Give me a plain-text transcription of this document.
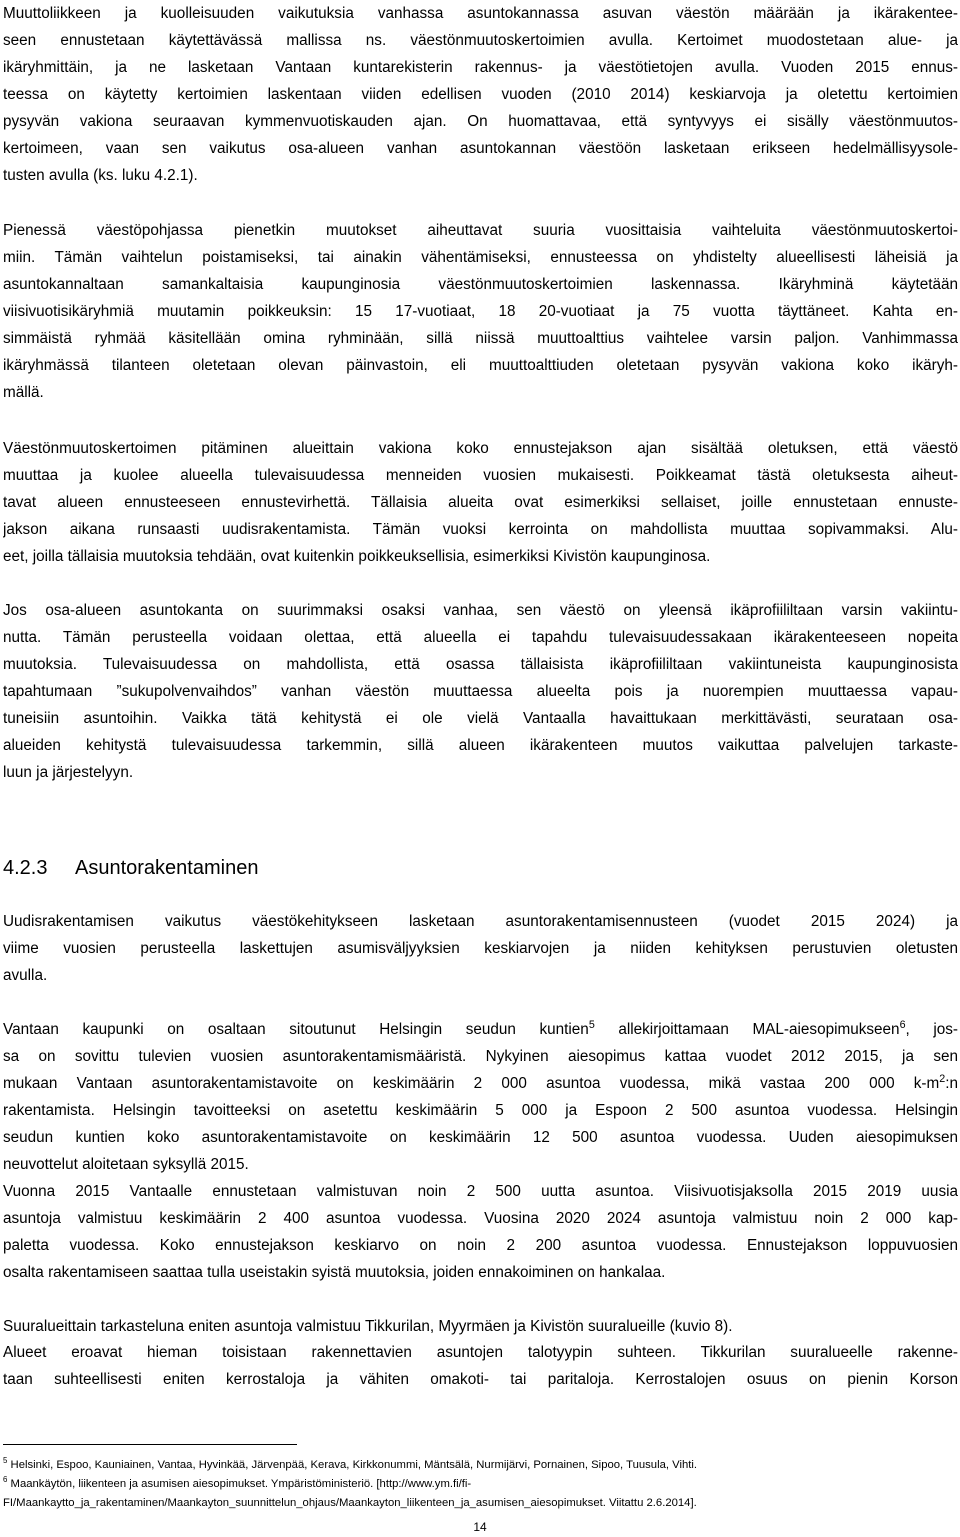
Muuttoliikkeen ja kuolleisuuden vaikutuksia vanhassa asuntokannassa asuvan väestön määrään ja ikärakentee-

seen ennustetaan käytettävässä mallissa ns. väestönmuutoskertoimien avulla. Kertoimet muodostetaan alue- ja

ikäryhmittäin, ja ne lasketaan Vantaan kuntarekisterin rakennus- ja väestötietojen avulla. Vuoden 2015 ennus-

teessa on käytetty kertoimien laskentaan viiden edellisen vuoden (2010 2014) keskiarvoja ja oletettu kertoimien

pysyvän vakiona seuraavan kymmenvuotiskauden ajan. On huomattavaa, että syntyvyys ei sisälly väestönmuutos-

kertoimeen, vaan sen vaikutus osa-alueen vanhan asuntokannan väestöön lasketaan erikseen hedelmällisyysole-

tusten avulla (ks. luku 4.2.1).

Pienessä väestöpohjassa pienetkin muutokset aiheuttavat suuria vuosittaisia vaihteluita väestönmuutoskertoi-

miin. Tämän vaihtelun poistamiseksi, tai ainakin vähentämiseksi, ennusteessa on yhdistelty alueellisesti läheisiä ja

asuntokannaltaan samankaltaisia kaupunginosia väestönmuutoskertoimien laskennassa. Ikäryhminä käytetään

viisivuotisikäryhmiä muutamin poikkeuksin: 15 17-vuotiaat, 18 20-vuotiaat ja 75 vuotta täyttäneet. Kahta en-

simmäistä ryhmää käsitellään omina ryhminään, sillä niissä muuttoalttius vaihtelee varsin paljon. Vanhimmassa

ikäryhmässä tilanteen oletetaan olevan päinvastoin, eli muuttoalttiuden oletetaan pysyvän vakiona koko ikäryh-

mällä.

Väestönmuutoskertoimen pitäminen alueittain vakiona koko ennustejakson ajan sisältää oletuksen, että väestö

muuttaa ja kuolee alueella tulevaisuudessa menneiden vuosien mukaisesti. Poikkeamat tästä oletuksesta aiheut-

tavat alueen ennusteeseen ennustevirhettä. Tällaisia alueita ovat esimerkiksi sellaiset, joille ennustetaan ennuste-

jakson aikana runsaasti uudisrakentamista. Tämän vuoksi kerrointa on mahdollista muuttaa sopivammaksi. Alu-

eet, joilla tällaisia muutoksia tehdään, ovat kuitenkin poikkeuksellisia, esimerkiksi Kivistön kaupunginosa.

Jos osa-alueen asuntokanta on suurimmaksi osaksi vanhaa, sen väestö on yleensä ikäprofiililtaan varsin vakiintu-

nutta. Tämän perusteella voidaan olettaa, että alueella ei tapahdu tulevaisuudessakaan ikärakenteeseen nopeita

muutoksia. Tulevaisuudessa on mahdollista, että osassa tällaisista ikäprofiililtaan vakiintuneista kaupunginosista

tapahtumaan ”sukupolvenvaihdos” vanhan väestön muuttaessa alueelta pois ja nuorempien muuttaessa vapau-

tuneisiin asuntoihin. Vaikka tätä kehitystä ei ole vielä Vantaalla havaittukaan merkittävästi, seurataan osa-

alueiden kehitystä tulevaisuudessa tarkemmin, sillä alueen ikärakenteen muutos vaikuttaa palvelujen tarkaste-

luun ja järjestelyyn.

4.2.3 Asuntorakentaminen

Uudisrakentamisen vaikutus väestökehitykseen lasketaan asuntorakentamisennusteen (vuodet 2015 2024) ja

viime vuosien perusteella laskettujen asumisväljyyksien keskiarvojen ja niiden kehityksen perustuvien oletusten

avulla.

Vantaan kaupunki on osaltaan sitoutunut Helsingin seudun kuntien$^5$ allekirjoittamaan MAL-aiesopimukseen$^6$, jos-

sa on sovittu tulevien vuosien asuntorakentamismääristä. Nykyinen aiesopimus kattaa vuodet 2012 2015, ja sen

mukaan Vantaan asuntorakentamistavoite on keskimäärin 2 000 asuntoa vuodessa, mikä vastaa 200 000 $k-m^2:n$

rakentamista. Helsingin tavoitteeksi on asetettu keskimäärin 5 000 ja Espoon 2 500 asuntoa vuodessa. Helsingin

seudun kuntien koko asuntorakentamistavoite on keskimäärin 12 500 asuntoa vuodessa. Uuden aiesopimuksen

neuvottelut aloitetaan syksyllä 2015.

Vuonna 2015 Vantaalle ennustetaan valmistuvan noin 2 500 uutta asuntoa. Viisivuotisjaksolla 2015 2019 uusia

asuntoja valmistuu keskimäärin 2 400 asuntoa vuodessa. Vuosina 2020 2024 asuntoja valmistuu noin 2 000 kap-

paletta vuodessa. Koko ennustejakson keskiarvo on noin 2 200 asuntoa vuodessa. Ennustejakson loppuvuosien

osalta rakentamiseen saattaa tulla useistakin syistä muutoksia, joiden ennakoiminen on hankalaa.

Suuralueittain tarkasteluna eniten asuntoja valmistuu Tikkurilan, Myyrmäen ja Kivistön suuralueille (kuvio 8).

Alueet eroavat hieman toisistaan rakennettavien asuntojen talotyypin suhteen. Tikkurilan suuralueelle rakenne-

taan suhteellisesti eniten kerrostaloja ja vähiten omakoti- tai paritaloja. Kerrostalojen osuus on pienin Korson

$^5$ Helsinki, Espoo, Kauniainen, Vantaa, Hyvinkää, Järvenpää, Kerava, Kirkkonummi, Mäntsälä, Nurmijärvi, Pornainen, Sipoo, Tuusula, Vihti.

$^6$ Maankäytön, liikenteen ja asumisen aiesopimukset. Ympäristöministeriö. [http://www.ym.fi/fi-

FI/Maankaytto_ja_rakentaminen/Maankayton_suunnittelun_ohjaus/Maankayton_liikenteen_ja_asumisen_aiesopimukset. Viitattu 2.6.2014].

14
